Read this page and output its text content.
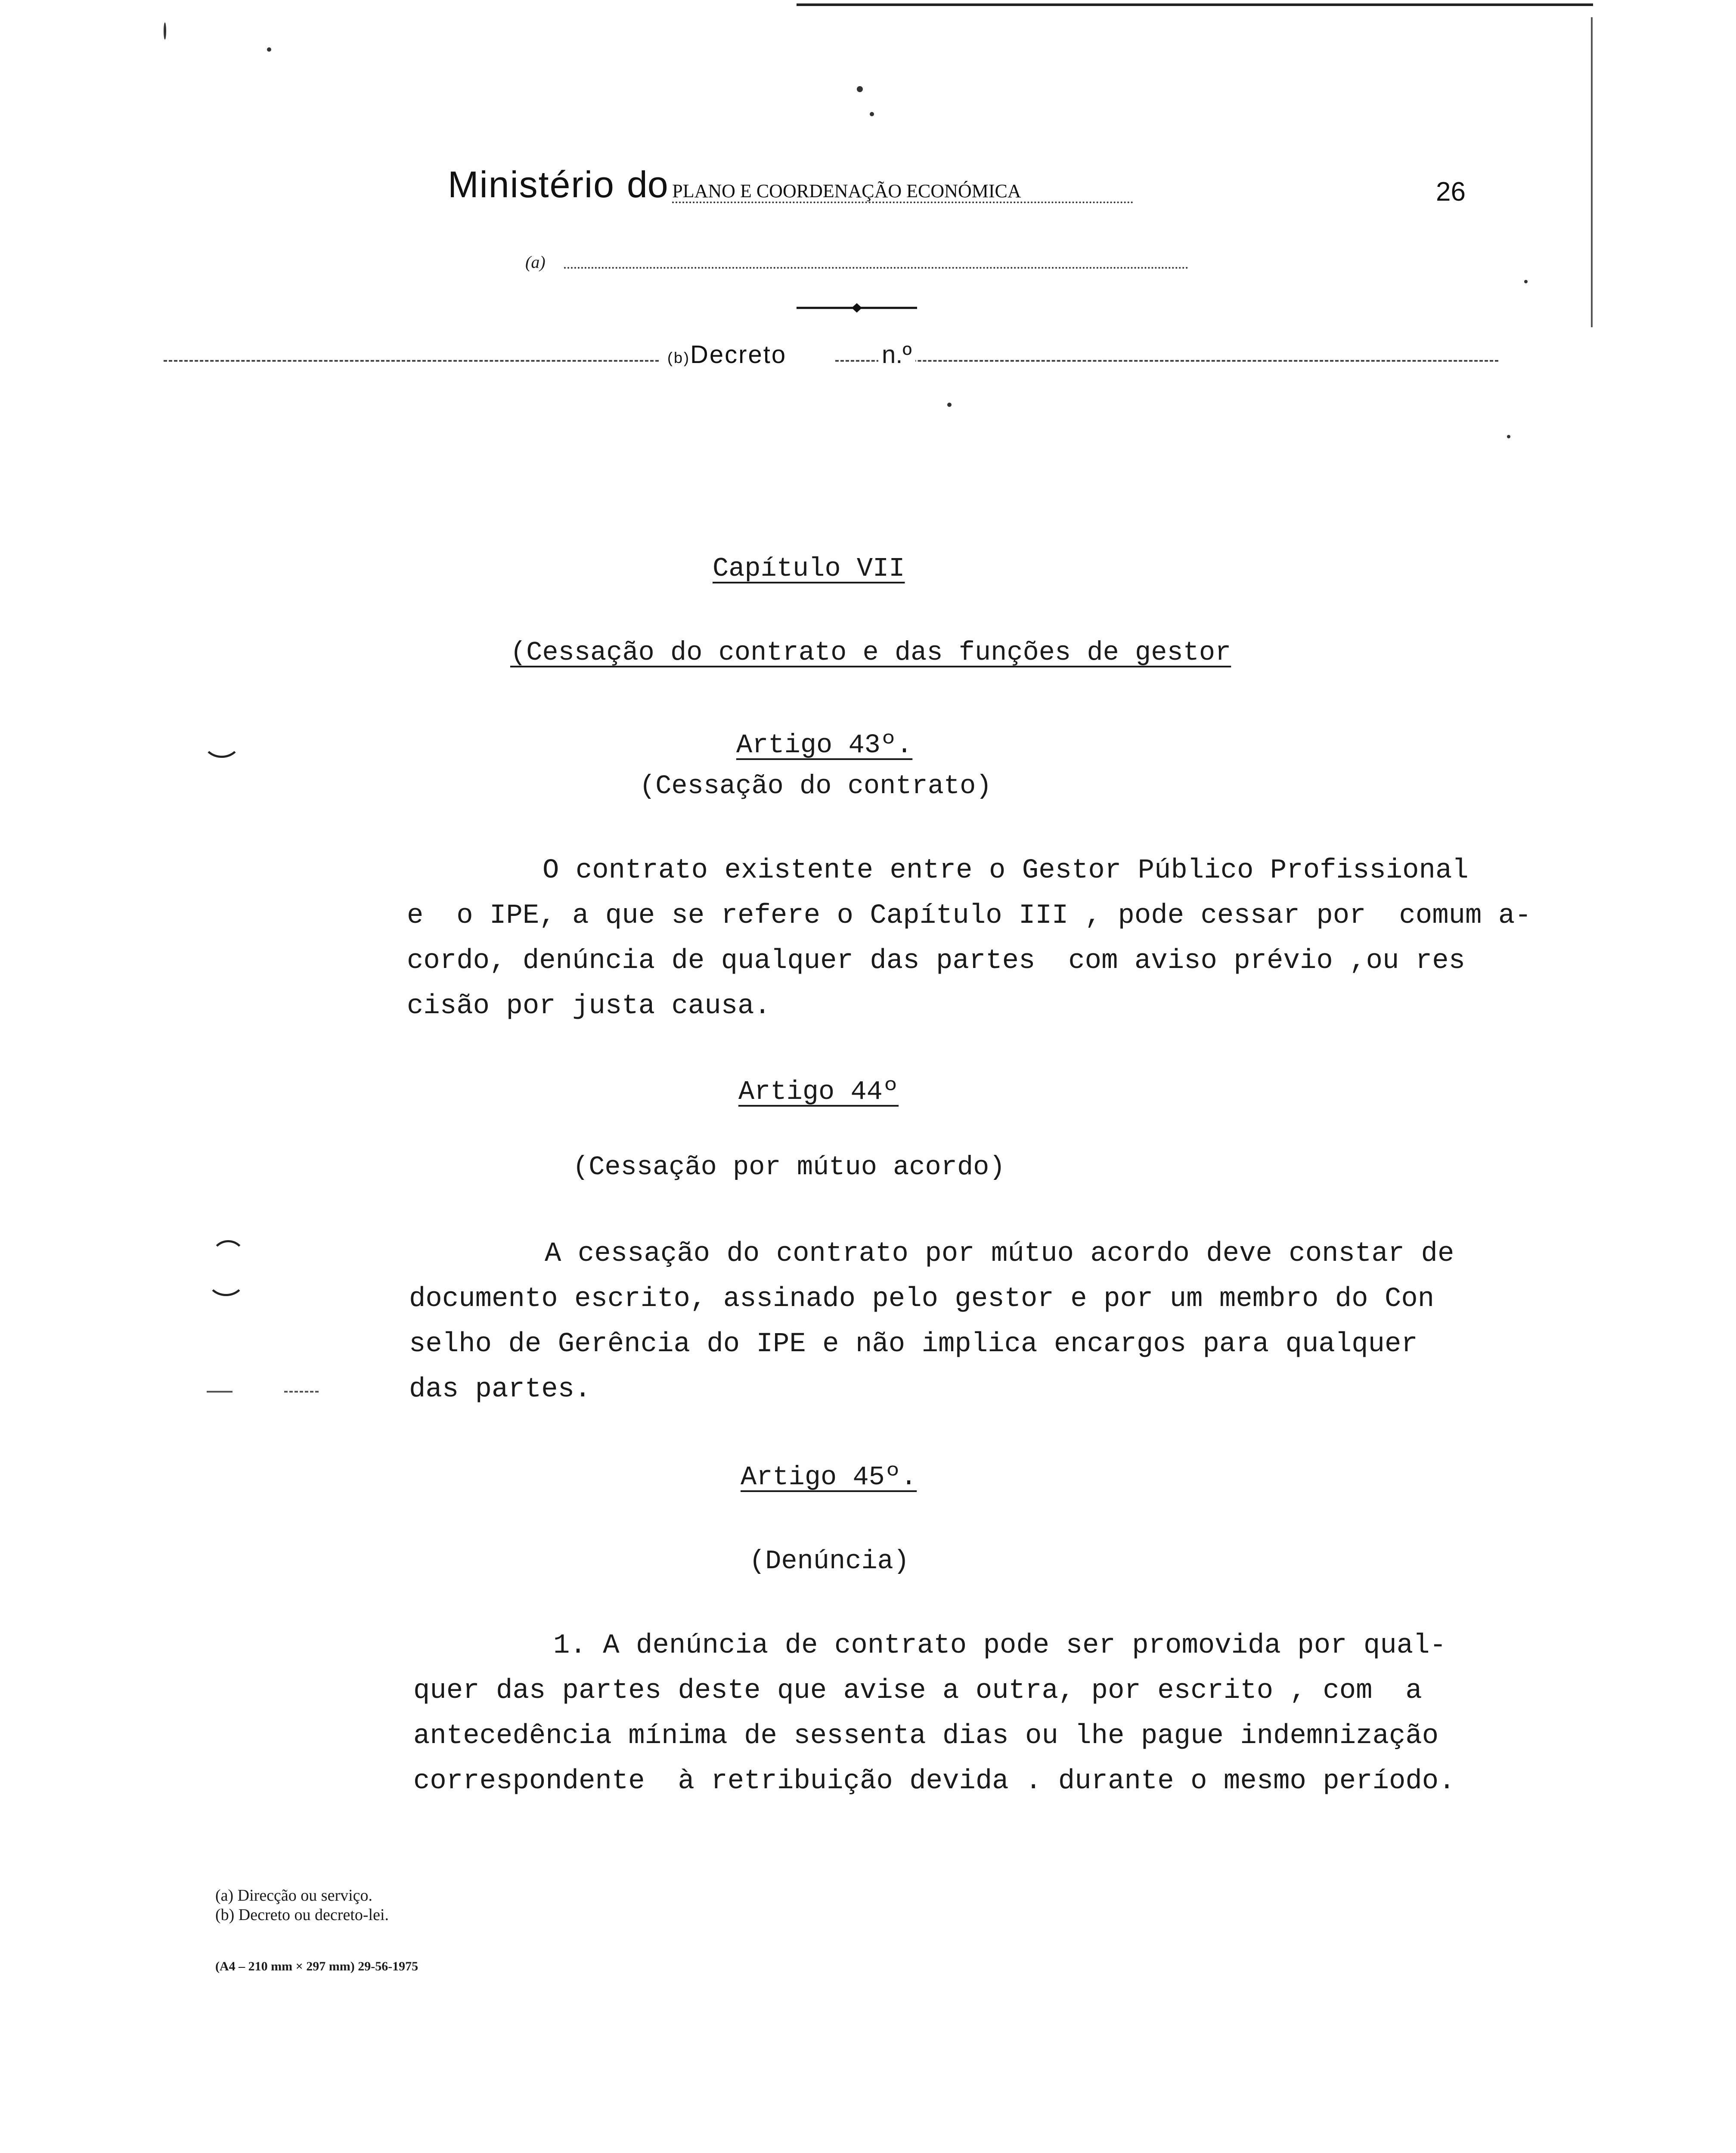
Ministério do PLANO E COORDENAÇÃO ECONÓMICA	26
(a)
(b)Decreto	n.º
Capítulo VII
(Cessação do contrato e das funções de gestor
Artigo 43º.
(Cessação do contrato)
O contrato existente entre o Gestor Público Profissional
e  o IPE, a que se refere o Capítulo III , pode cessar por  comum a-
cordo, denúncia de qualquer das partes  com aviso prévio ,ou res
cisão por justa causa.
Artigo 44º
(Cessação por mútuo acordo)
A cessação do contrato por mútuo acordo deve constar de
documento escrito, assinado pelo gestor e por um membro do Con
selho de Gerência do IPE e não implica encargos para qualquer
das partes.
Artigo 45º.
(Denúncia)
1. A denúncia de contrato pode ser promovida por qual-
quer das partes deste que avise a outra, por escrito , com  a
antecedência mínima de sessenta dias ou lhe pague indemnização
correspondente  à retribuição devida . durante o mesmo período.
(a) Direcção ou serviço.
(b) Decreto ou decreto-lei.
(A4 – 210 mm × 297 mm) 29-56-1975
